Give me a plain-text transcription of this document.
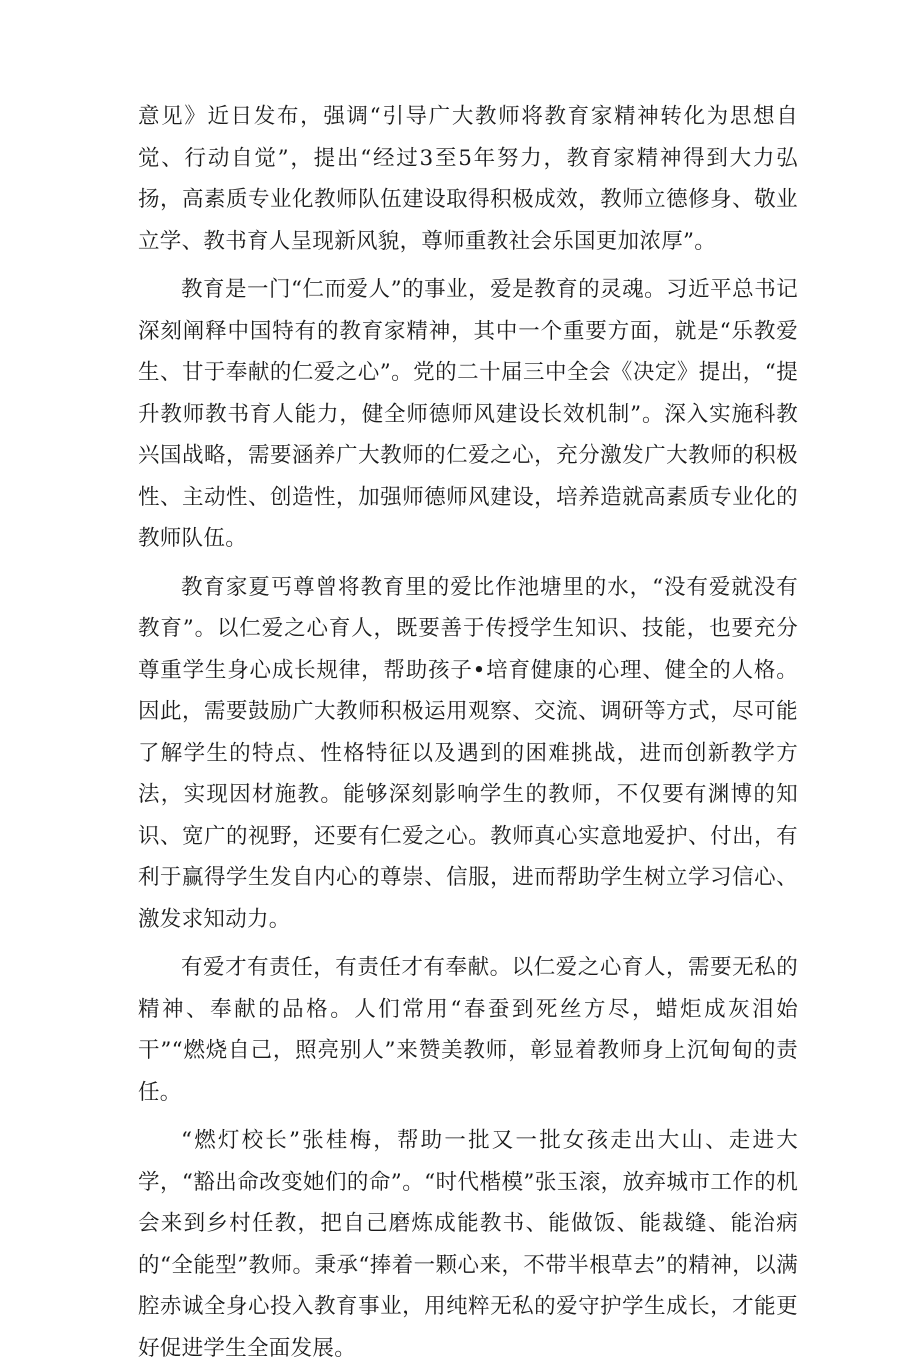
意见》近日发布，强调“引导广大教师将教育家精神转化为思想自觉、行动自觉”，提出“经过3至5年努力，教育家精神得到大力弘扬，高素质专业化教师队伍建设取得积极成效，教师立德修身、敬业立学、教书育人呈现新风貌，尊师重教社会乐国更加浓厚”。

教育是一门“仁而爱人”的事业，爱是教育的灵魂。习近平总书记深刻阐释中国特有的教育家精神，其中一个重要方面，就是“乐教爱生、甘于奉献的仁爱之心”。党的二十届三中全会《决定》提出，“提升教师教书育人能力，健全师德师风建设长效机制”。深入实施科教兴国战略，需要涵养广大教师的仁爱之心，充分激发广大教师的积极性、主动性、创造性，加强师德师风建设，培养造就高素质专业化的教师队伍。

教育家夏丐尊曾将教育里的爱比作池塘里的水，“没有爱就没有教育”。以仁爱之心育人，既要善于传授学生知识、技能，也要充分尊重学生身心成长规律，帮助孩子•培育健康的心理、健全的人格。因此，需要鼓励广大教师积极运用观察、交流、调研等方式，尽可能了解学生的特点、性格特征以及遇到的困难挑战，进而创新教学方法，实现因材施教。能够深刻影响学生的教师，不仅要有渊博的知识、宽广的视野，还要有仁爱之心。教师真心实意地爱护、付出，有利于赢得学生发自内心的尊崇、信服，进而帮助学生树立学习信心、激发求知动力。

有爱才有责任，有责任才有奉献。以仁爱之心育人，需要无私的精神、奉献的品格。人们常用“春蚕到死丝方尽，蜡炬成灰泪始干”“燃烧自己，照亮别人”来赞美教师，彰显着教师身上沉甸甸的责任。

“燃灯校长”张桂梅，帮助一批又一批女孩走出大山、走进大学，“豁出命改变她们的命”。“时代楷模”张玉滚，放弃城市工作的机会来到乡村任教，把自己磨炼成能教书、能做饭、能裁缝、能治病的“全能型”教师。秉承“捧着一颗心来，不带半根草去”的精神，以满腔赤诚全身心投入教育事业，用纯粹无私的爱守护学生成长，才能更好促进学生全面发展。
